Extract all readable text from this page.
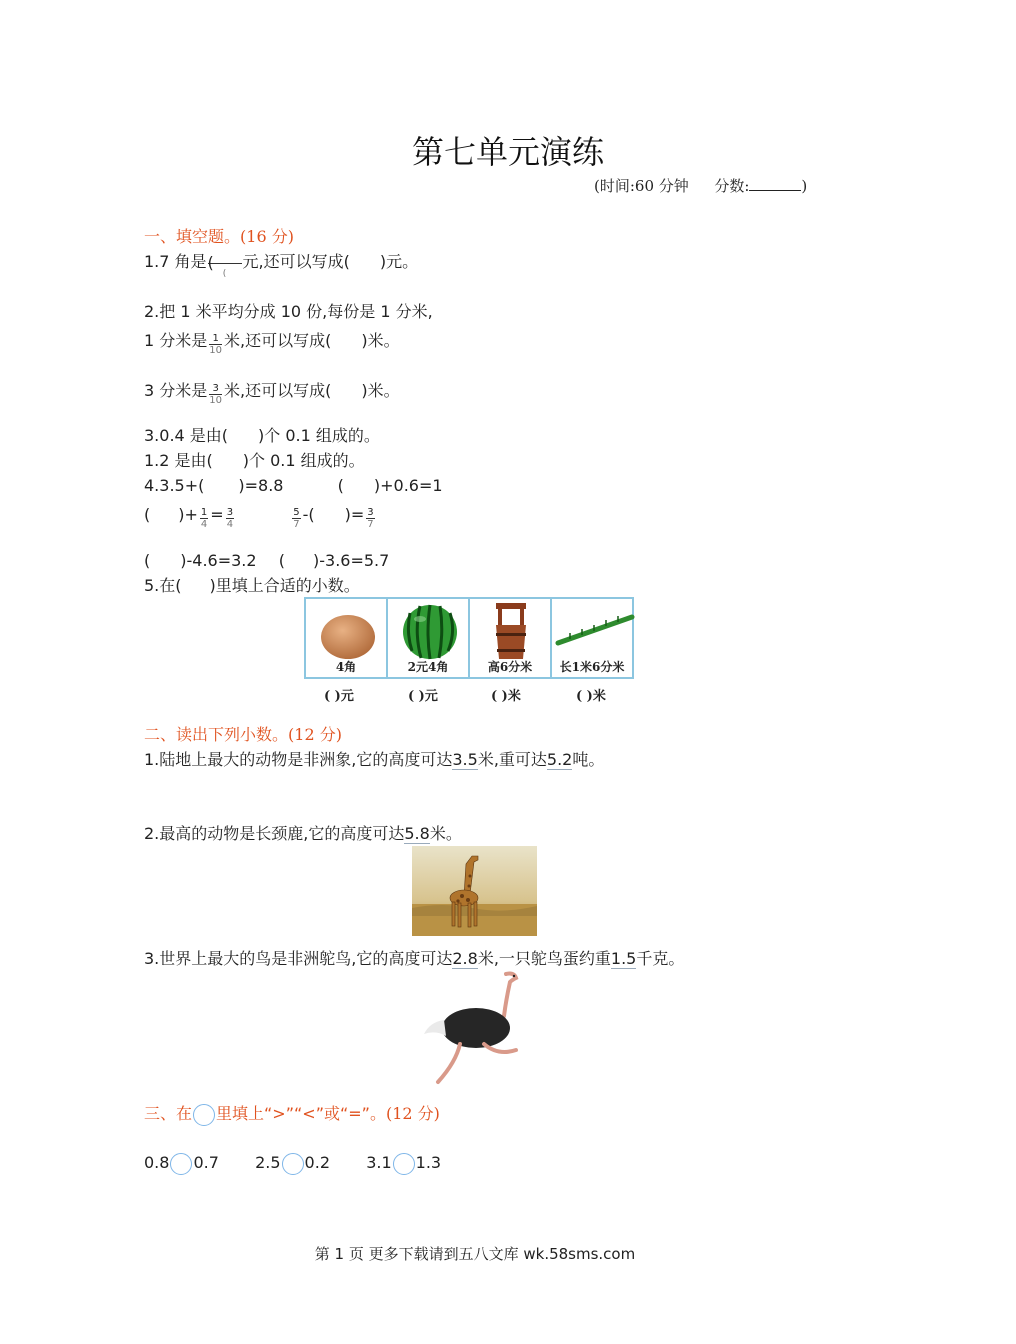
第七单元演练
(时间:60 分钟 分数:	)
一、填空题。(16 分)
1.7 角是 (
(
元,还可以写成( )元。
2.把 1 米平均分成 10 份,每份是 1 分米,
1 分米是 $\frac{1}{10}$ 米,还可以写成( )米。
3 分米是 $\frac{3}{10}$ 米,还可以写成( )米。
3.0.4 是由( )个 0.1 组成的。
1.2 是由( )个 0.1 组成的。
4.3.5+( )=8.8	( )+0.6=1
( )+ $\frac{1}{4} = \frac{3}{4}$
	$\frac{5}{7}$ -( )= $\frac{3}{7}$
( )-4.6=3.2 ( )-3.6=5.7
5.在( )里填上合适的小数。
4角	2元4角	高6分米	长1米6分米
( )元	( )元	( )米	( )米
二、读出下列小数。(12 分)
1.陆地上最大的动物是非洲象,它的高度可达3.5米,重可达5.2吨。
2.最高的动物是长颈鹿,它的高度可达5.8米。
3.世界上最大的鸟是非洲鸵鸟,它的高度可达2.8米,一只鸵鸟蛋约重1.5千克。
三、在 里填上“>”“<”或“=”。(12 分)
0.8 0.7 2.5 0.2 3.1 1.3
第 1 页 更多下载请到五八文库 wk.58sms.com
